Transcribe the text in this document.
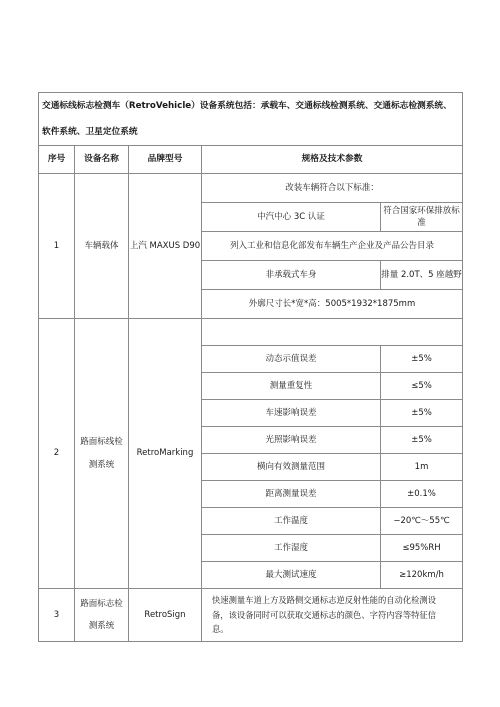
交通标线标志检测车（RetroVehicle）设备系统包括：承载车、交通标线检测系统、交通标志检测系统、软件系统、卫星定位系统				
序号	设备名称	品牌型号	规格及技术参数	
1	车辆载体	上汽 MAXUS D90	改装车辆符合以下标准：	
			中汽中心 3C 认证	符合国家环保排放标准
			列入工业和信息化部发布车辆生产企业及产品公告目录	
			非承载式车身	排量 2.0T、5 座越野
			外廓尺寸长*宽*高：5005*1932*1875mm	
2	路面标线检测系统	RetroMarking		
			动态示值误差	±5%
			测量重复性	≤5%
			车速影响误差	±5%
			光照影响误差	±5%
			横向有效测量范围	1m
			距离测量误差	±0.1%
			工作温度	−20℃～55℃
			工作湿度	≤95%RH
			最大测试速度	≥120km/h
3	路面标志检测系统	RetroSign	快速测量车道上方及路侧交通标志逆反射性能的自动化检测设备，该设备同时可以获取交通标志的颜色、字符内容等特征信息。	
